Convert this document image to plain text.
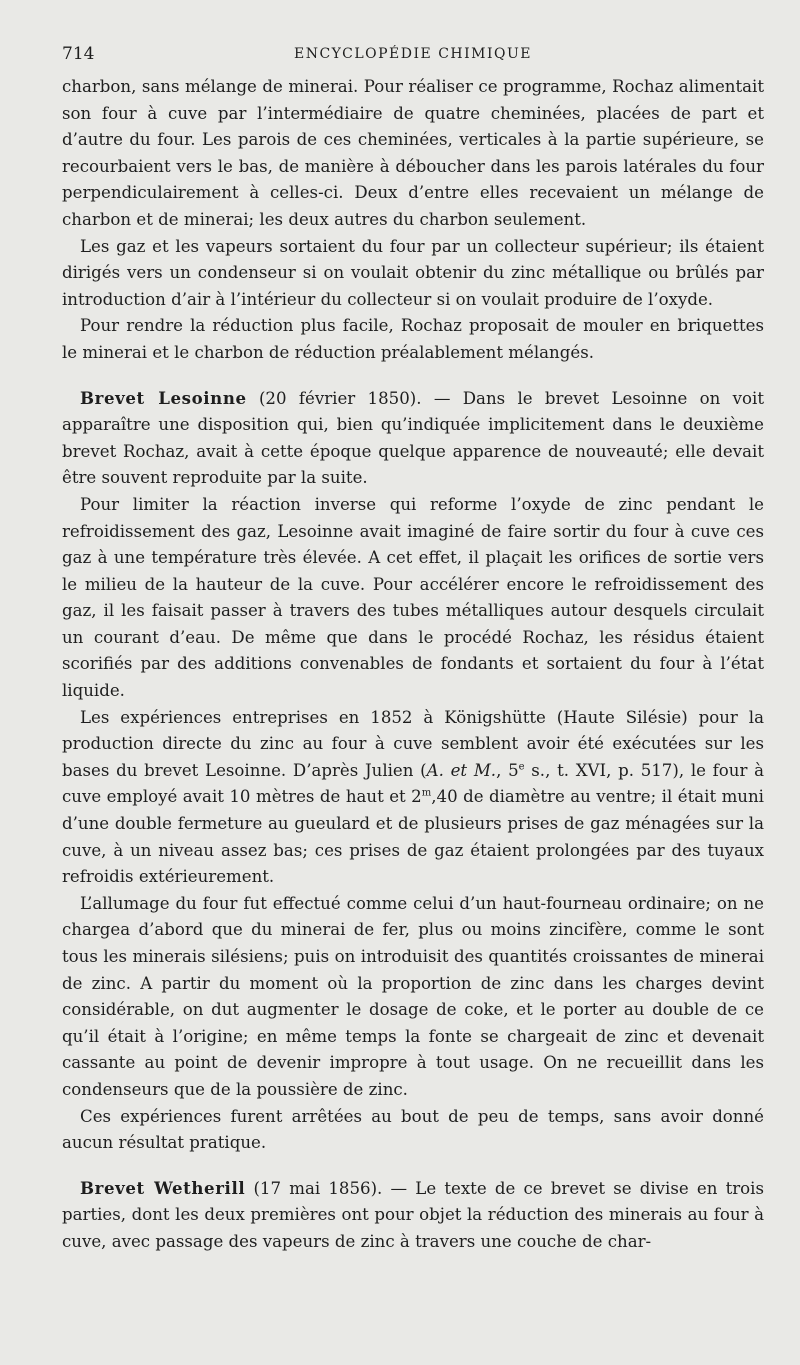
714	ENCYCLOPÉDIE CHIMIQUE

charbon, sans mélange de minerai. Pour réaliser ce programme, Rochaz alimentait son four à cuve par l’intermédiaire de quatre cheminées, placées de part et d’autre du four. Les parois de ces cheminées, verticales à la partie supérieure, se recourbaient vers le bas, de manière à déboucher dans les parois latérales du four perpendiculairement à celles-ci. Deux d’entre elles recevaient un mélange de charbon et de minerai; les deux autres du charbon seulement.

Les gaz et les vapeurs sortaient du four par un collecteur supérieur; ils étaient dirigés vers un condenseur si on voulait obtenir du zinc métallique ou brûlés par introduction d’air à l’intérieur du collecteur si on voulait produire de l’oxyde.

Pour rendre la réduction plus facile, Rochaz proposait de mouler en briquettes le minerai et le charbon de réduction préalablement mélangés.

Brevet Lesoinne (20 février 1850). — Dans le brevet Lesoinne on voit apparaître une disposition qui, bien qu’indiquée implicitement dans le deuxième brevet Rochaz, avait à cette époque quelque apparence de nouveauté; elle devait être souvent reproduite par la suite.

Pour limiter la réaction inverse qui reforme l’oxyde de zinc pendant le refroidissement des gaz, Lesoinne avait imaginé de faire sortir du four à cuve ces gaz à une température très élevée. A cet effet, il plaçait les orifices de sortie vers le milieu de la hauteur de la cuve. Pour accélérer encore le refroidissement des gaz, il les faisait passer à travers des tubes métalliques autour desquels circulait un courant d’eau. De même que dans le procédé Rochaz, les résidus étaient scorifiés par des additions convenables de fondants et sortaient du four à l’état liquide.

Les expériences entreprises en 1852 à Königshütte (Haute Silésie) pour la production directe du zinc au four à cuve semblent avoir été exécutées sur les bases du brevet Lesoinne. D’après Julien (A. et M., 5e s., t. XVI, p. 517), le four à cuve employé avait 10 mètres de haut et 2$^m$,40 de diamètre au ventre; il était muni d’une double fermeture au gueulard et de plusieurs prises de gaz ménagées sur la cuve, à un niveau assez bas; ces prises de gaz étaient prolongées par des tuyaux refroidis extérieurement.

L’allumage du four fut effectué comme celui d’un haut-fourneau ordinaire; on ne chargea d’abord que du minerai de fer, plus ou moins zincifère, comme le sont tous les minerais silésiens; puis on introduisit des quantités croissantes de minerai de zinc. A partir du moment où la proportion de zinc dans les charges devint considérable, on dut augmenter le dosage de coke, et le porter au double de ce qu’il était à l’origine; en même temps la fonte se chargeait de zinc et devenait cassante au point de devenir impropre à tout usage. On ne recueillit dans les condenseurs que de la poussière de zinc.

Ces expériences furent arrêtées au bout de peu de temps, sans avoir donné aucun résultat pratique.

Brevet Wetherill (17 mai 1856). — Le texte de ce brevet se divise en trois parties, dont les deux premières ont pour objet la réduction des minerais au four à cuve, avec passage des vapeurs de zinc à travers une couche de char-
